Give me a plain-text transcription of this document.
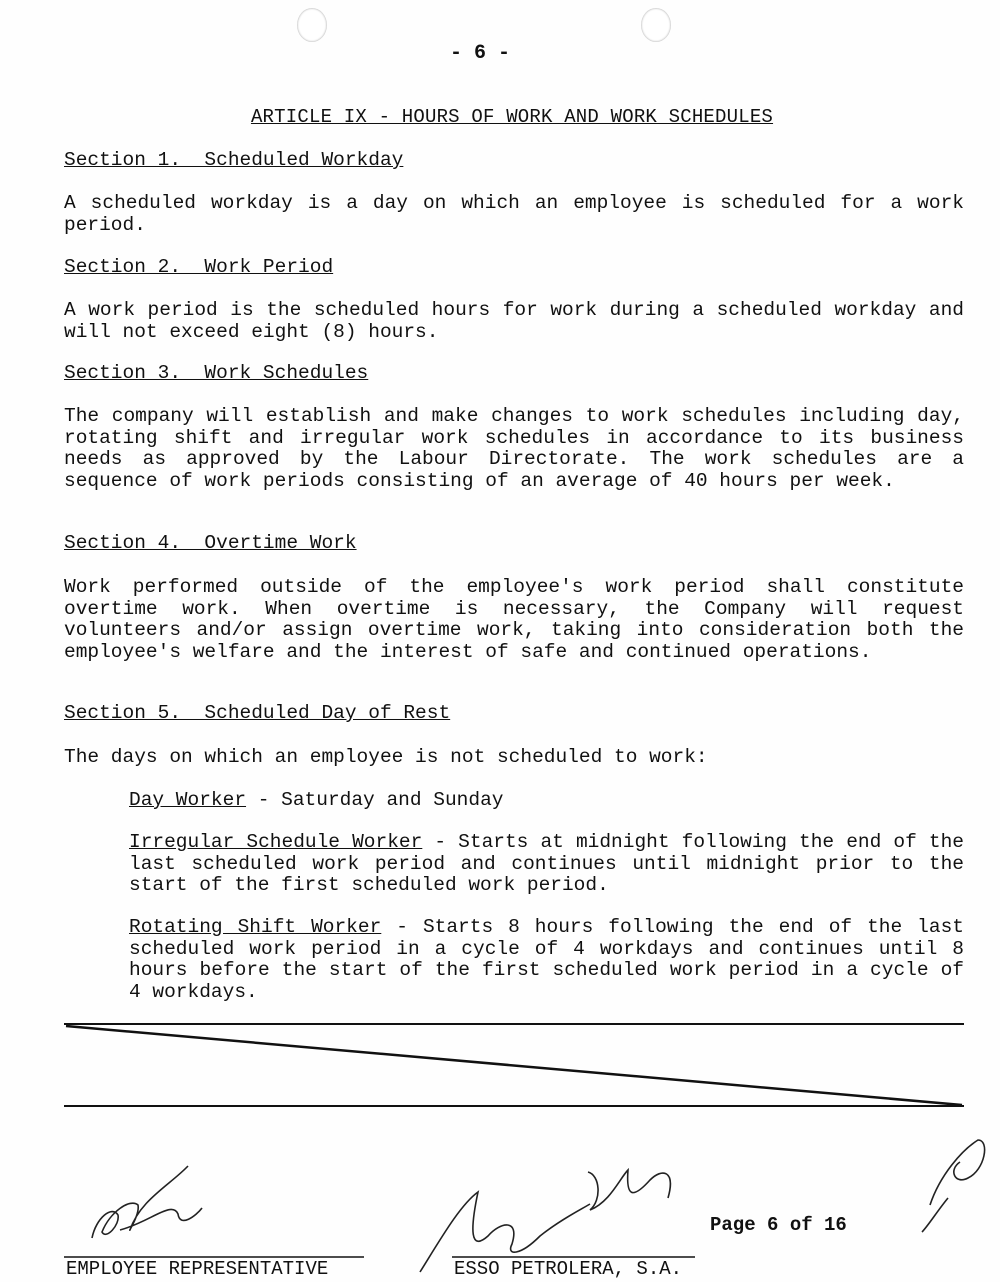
- 6 -
ARTICLE IX - HOURS OF WORK AND WORK SCHEDULES
Section 1.  Scheduled Workday

A scheduled workday is a day on which an employee is scheduled for a work period.

Section 2.  Work Period

A work period is the scheduled hours for work during a scheduled workday and will not exceed eight (8) hours.

Section 3.  Work Schedules

The company will establish and make changes to work schedules including day, rotating shift and irregular work schedules in accordance to its business needs as approved by the Labour Directorate. The work schedules are a sequence of work periods consisting of an average of 40 hours per week.

Section 4.  Overtime Work

Work performed outside of the employee's work period shall constitute overtime work. When overtime is necessary, the Company will request volunteers and/or assign overtime work, taking into consideration both the employee's welfare and the interest of safe and continued operations.

Section 5.  Scheduled Day of Rest

The days on which an employee is not scheduled to work:

Day Worker - Saturday and Sunday

Irregular Schedule Worker - Starts at midnight following the end of the last scheduled work period and continues until midnight prior to the start of the first scheduled work period.

Rotating Shift Worker - Starts 8 hours following the end of the last scheduled work period in a cycle of 4 workdays and continues until 8 hours before the start of the first scheduled work period in a cycle of 4 workdays.

Page 6 of 16
EMPLOYEE REPRESENTATIVE	ESSO PETROLERA, S.A.
